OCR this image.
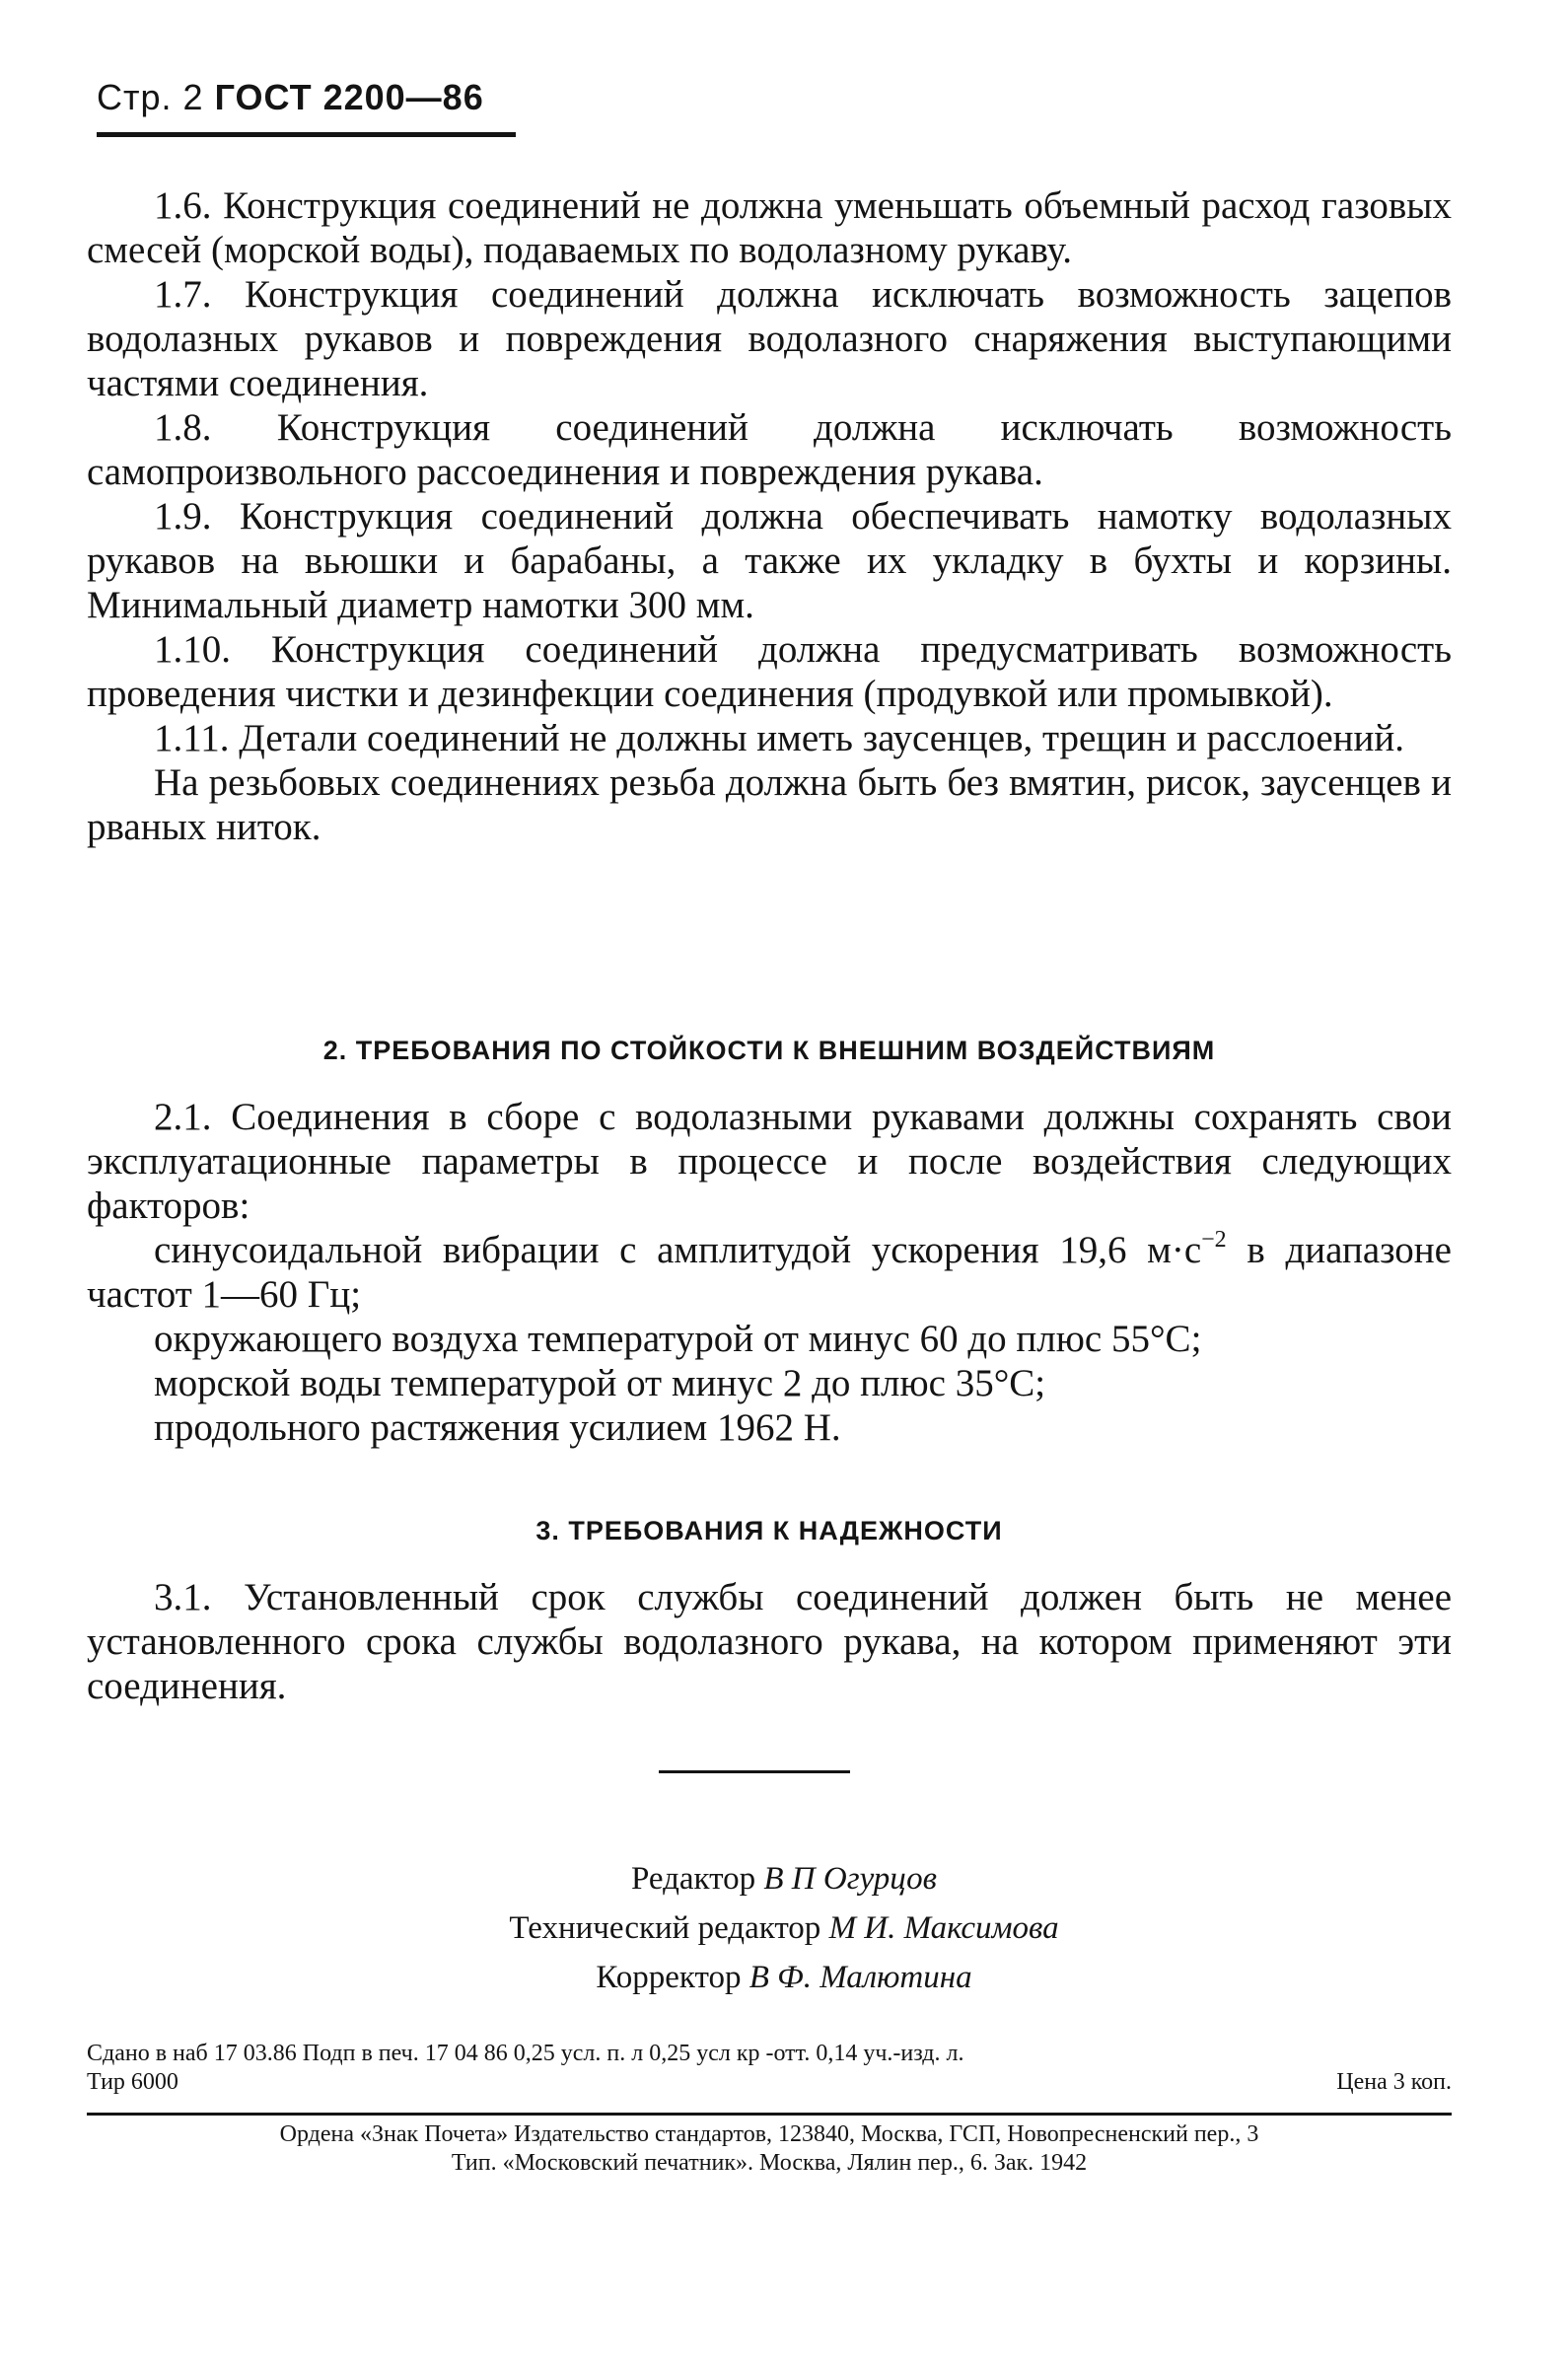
Стр. 2 ГОСТ 2200—86

1.6. Конструкция соединений не должна уменьшать объемный расход газовых смесей (морской воды), подаваемых по водолазному рукаву.

1.7. Конструкция соединений должна исключать возможность зацепов водолазных рукавов и повреждения водолазного снаряжения выступающими частями соединения.

1.8. Конструкция соединений должна исключать возможность самопроизвольного рассоединения и повреждения рукава.

1.9. Конструкция соединений должна обеспечивать намотку водолазных рукавов на вьюшки и барабаны, а также их укладку в бухты и корзины. Минимальный диаметр намотки 300 мм.

1.10. Конструкция соединений должна предусматривать возможность проведения чистки и дезинфекции соединения (продувкой или промывкой).

1.11. Детали соединений не должны иметь заусенцев, трещин и расслоений.

На резьбовых соединениях резьба должна быть без вмятин, рисок, заусенцев и рваных ниток.

2. ТРЕБОВАНИЯ ПО СТОЙКОСТИ К ВНЕШНИМ ВОЗДЕЙСТВИЯМ

2.1. Соединения в сборе с водолазными рукавами должны сохранять свои эксплуатационные параметры в процессе и после воздействия следующих факторов:

синусоидальной вибрации с амплитудой ускорения 19,6 $м\cdot с^{-2}$ в диапазоне частот 1—60 Гц;

окружающего воздуха температурой от минус 60 до плюс 55°С;

морской воды температурой от минус 2 до плюс 35°С;

продольного растяжения усилием 1962 Н.

3. ТРЕБОВАНИЯ К НАДЕЖНОСТИ

3.1. Установленный срок службы соединений должен быть не менее установленного срока службы водолазного рукава, на котором применяют эти соединения.

Редактор В П Огурцов
Технический редактор М И. Максимова
Корректор В Ф. Малютина
Сдано в наб 17 03.86 Подп в печ. 17 04 86 0,25 усл. п. л 0,25 усл кр -отт. 0,14 уч.-изд. л.
Тир 6000	Цена 3 коп.
Ордена «Знак Почета» Издательство стандартов, 123840, Москва, ГСП, Новопресненский пер., 3
Тип. «Московский печатник». Москва, Лялин пер., 6. Зак. 1942
